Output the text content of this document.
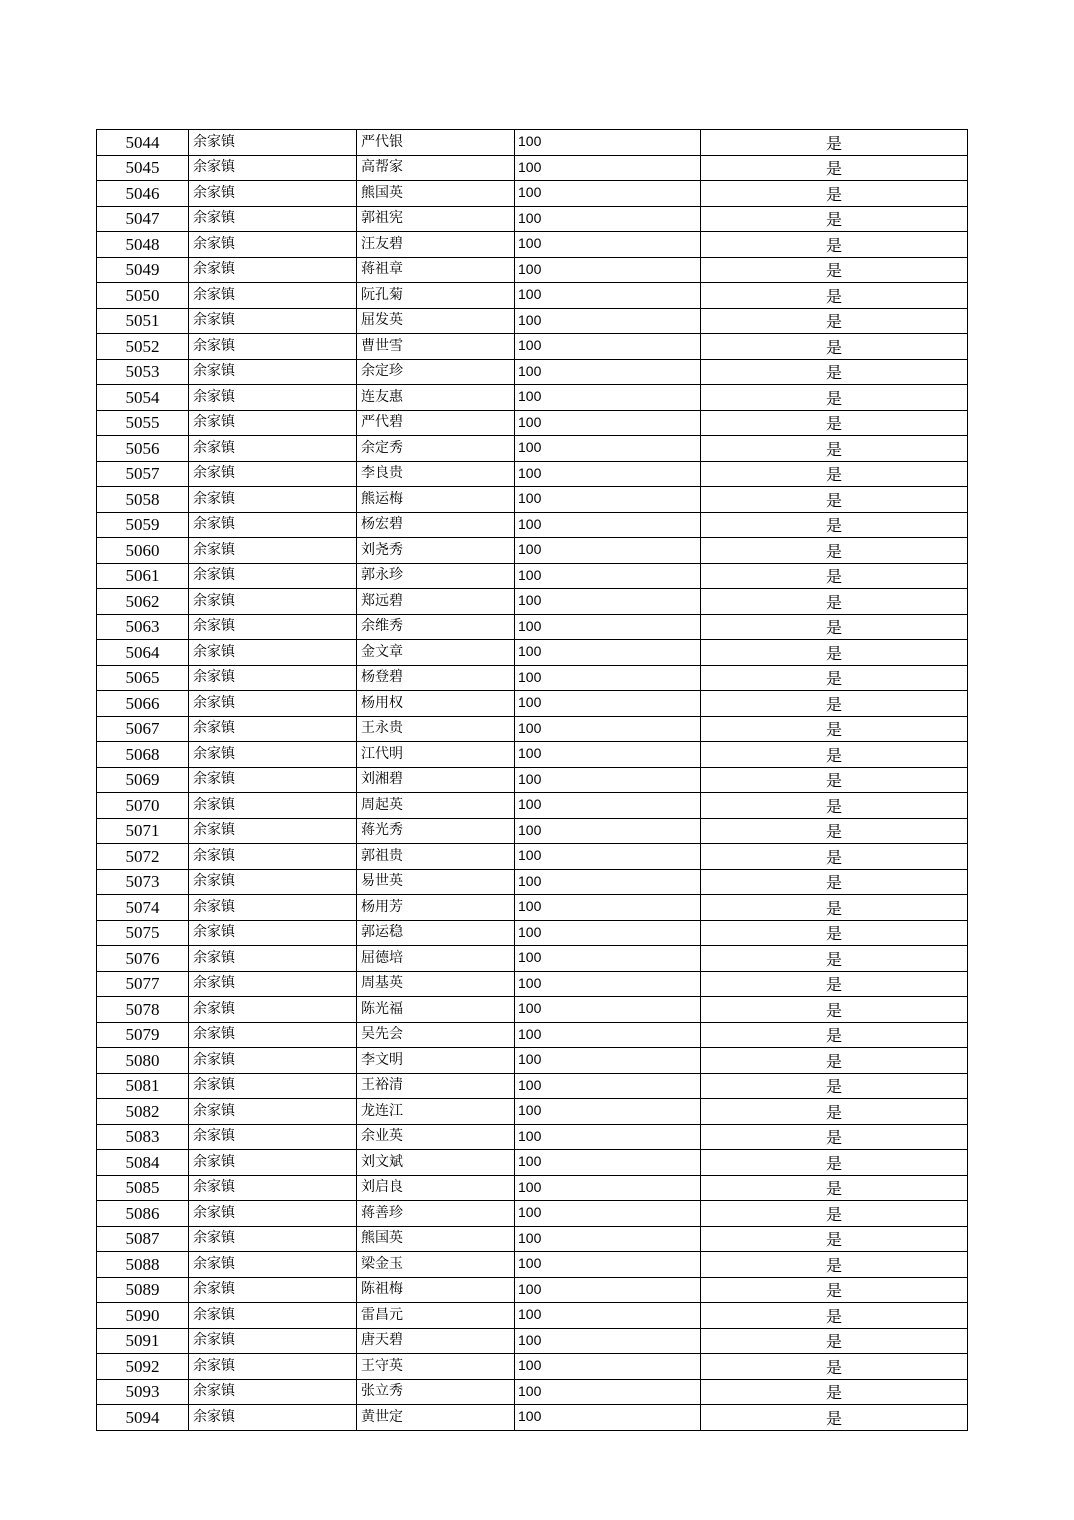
5044	余家镇	严代银	100	是
5045	余家镇	高帮家	100	是
5046	余家镇	熊国英	100	是
5047	余家镇	郭祖宪	100	是
5048	余家镇	汪友碧	100	是
5049	余家镇	蒋祖章	100	是
5050	余家镇	阮孔菊	100	是
5051	余家镇	屈发英	100	是
5052	余家镇	曹世雪	100	是
5053	余家镇	余定珍	100	是
5054	余家镇	连友惠	100	是
5055	余家镇	严代碧	100	是
5056	余家镇	余定秀	100	是
5057	余家镇	李良贵	100	是
5058	余家镇	熊运梅	100	是
5059	余家镇	杨宏碧	100	是
5060	余家镇	刘尧秀	100	是
5061	余家镇	郭永珍	100	是
5062	余家镇	郑远碧	100	是
5063	余家镇	余维秀	100	是
5064	余家镇	金文章	100	是
5065	余家镇	杨登碧	100	是
5066	余家镇	杨用权	100	是
5067	余家镇	王永贵	100	是
5068	余家镇	江代明	100	是
5069	余家镇	刘湘碧	100	是
5070	余家镇	周起英	100	是
5071	余家镇	蒋光秀	100	是
5072	余家镇	郭祖贵	100	是
5073	余家镇	易世英	100	是
5074	余家镇	杨用芳	100	是
5075	余家镇	郭运稳	100	是
5076	余家镇	屈德培	100	是
5077	余家镇	周基英	100	是
5078	余家镇	陈光福	100	是
5079	余家镇	吴先会	100	是
5080	余家镇	李文明	100	是
5081	余家镇	王裕清	100	是
5082	余家镇	龙连江	100	是
5083	余家镇	余业英	100	是
5084	余家镇	刘文斌	100	是
5085	余家镇	刘启良	100	是
5086	余家镇	蒋善珍	100	是
5087	余家镇	熊国英	100	是
5088	余家镇	梁金玉	100	是
5089	余家镇	陈祖梅	100	是
5090	余家镇	雷昌元	100	是
5091	余家镇	唐天碧	100	是
5092	余家镇	王守英	100	是
5093	余家镇	张立秀	100	是
5094	余家镇	黄世定	100	是
